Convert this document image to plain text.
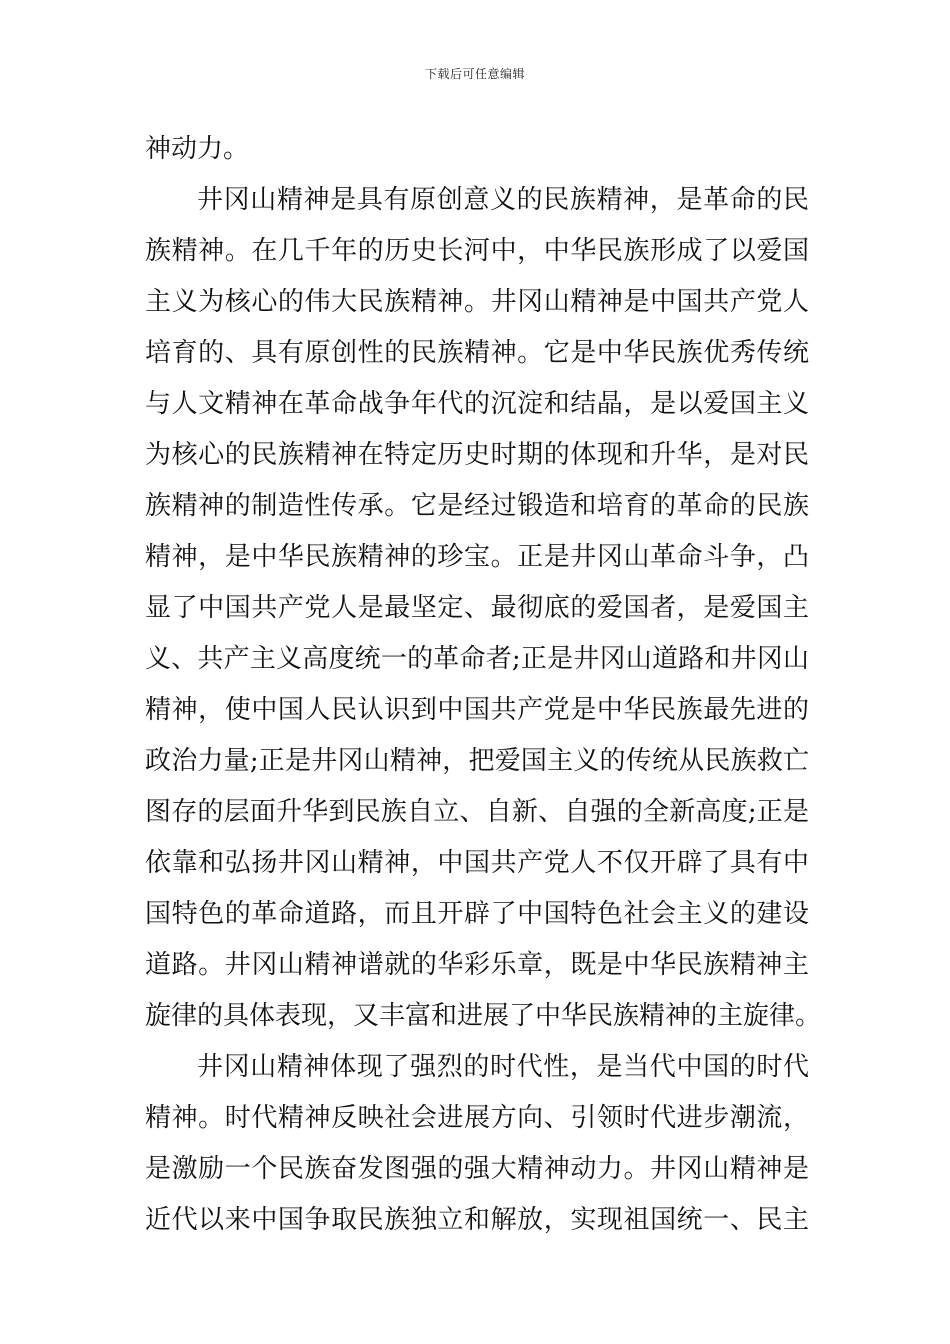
下载后可任意编辑
神动力。
井冈山精神是具有原创意义的民族精神，是革命的民
族精神。在几千年的历史长河中，中华民族形成了以爱国
主义为核心的伟大民族精神。井冈山精神是中国共产党人
培育的、具有原创性的民族精神。它是中华民族优秀传统
与人文精神在革命战争年代的沉淀和结晶，是以爱国主义
为核心的民族精神在特定历史时期的体现和升华，是对民
族精神的制造性传承。它是经过锻造和培育的革命的民族
精神，是中华民族精神的珍宝。正是井冈山革命斗争，凸
显了中国共产党人是最坚定、最彻底的爱国者，是爱国主
义、共产主义高度统一的革命者;正是井冈山道路和井冈山
精神，使中国人民认识到中国共产党是中华民族最先进的
政治力量;正是井冈山精神，把爱国主义的传统从民族救亡
图存的层面升华到民族自立、自新、自强的全新高度;正是
依靠和弘扬井冈山精神，中国共产党人不仅开辟了具有中
国特色的革命道路，而且开辟了中国特色社会主义的建设
道路。井冈山精神谱就的华彩乐章，既是中华民族精神主
旋律的具体表现，又丰富和进展了中华民族精神的主旋律。
井冈山精神体现了强烈的时代性，是当代中国的时代
精神。时代精神反映社会进展方向、引领时代进步潮流，
是激励一个民族奋发图强的强大精神动力。井冈山精神是
近代以来中国争取民族独立和解放，实现祖国统一、民主
